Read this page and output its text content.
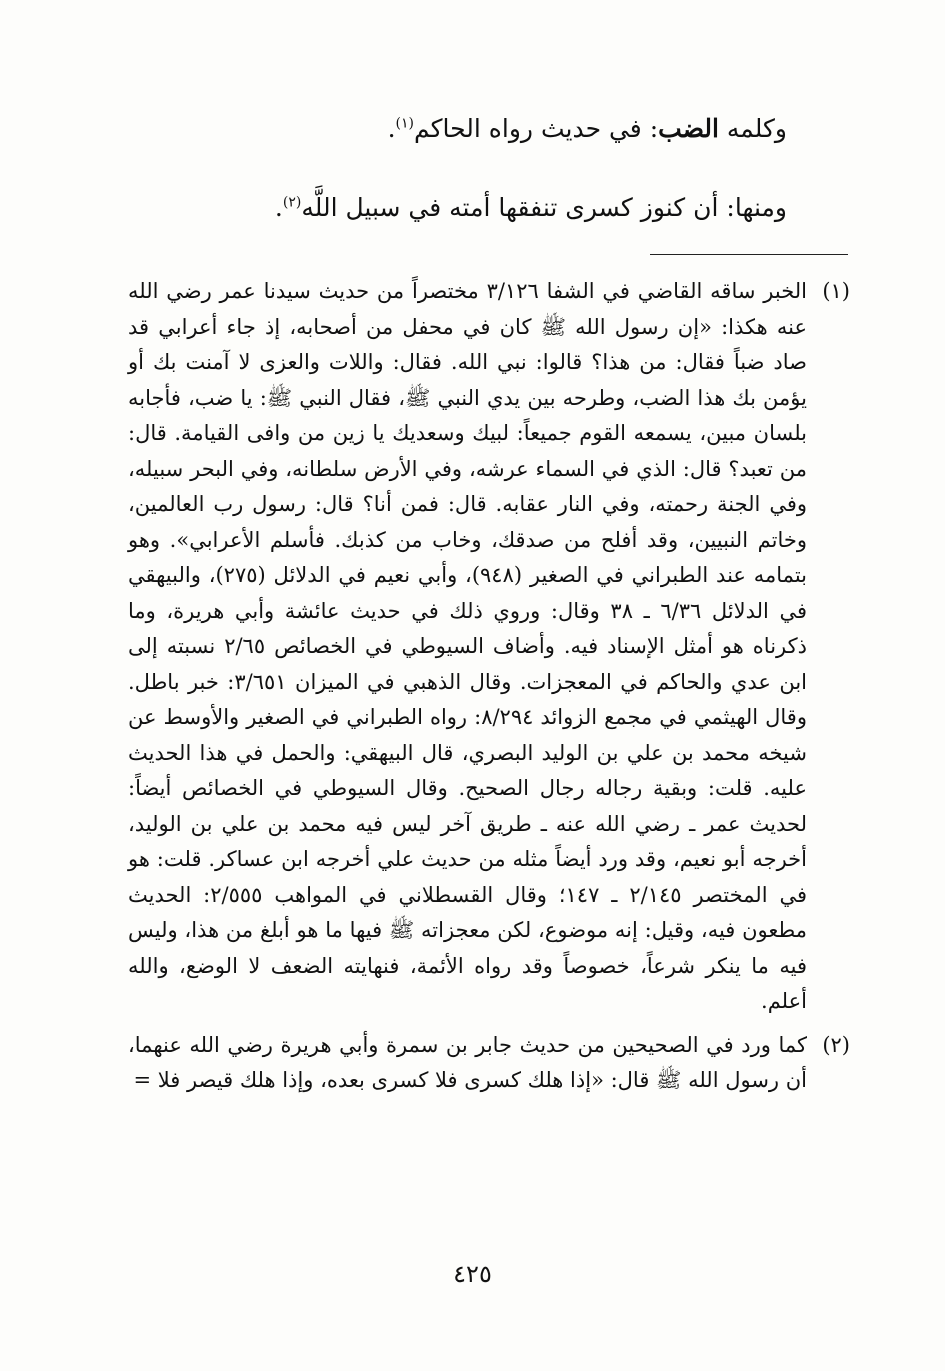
وكلمه الضب: في حديث رواه الحاكم$^{(١)}$.

ومنها: أن كنوز كسرى تنفقها أمته في سبيل اللَّه$^{(٢)}$.

(١)

الخبر ساقه القاضي في الشفا ٣/١٢٦ مختصراً من حديث سيدنا عمر رضي الله عنه هكذا: «إن رسول الله ﷺ كان في محفل من أصحابه، إذ جاء أعرابي قد صاد ضباً فقال: من هذا؟ قالوا: نبي الله. فقال: واللات والعزى لا آمنت بك أو يؤمن بك هذا الضب، وطرحه بين يدي النبي ﷺ، فقال النبي ﷺ: يا ضب، فأجابه بلسان مبين، يسمعه القوم جميعاً: لبيك وسعديك يا زين من وافى القيامة. قال: من تعبد؟ قال: الذي في السماء عرشه، وفي الأرض سلطانه، وفي البحر سبيله، وفي الجنة رحمته، وفي النار عقابه. قال: فمن أنا؟ قال: رسول رب العالمين، وخاتم النبيين، وقد أفلح من صدقك، وخاب من كذبك. فأسلم الأعرابي». وهو بتمامه عند الطبراني في الصغير (٩٤٨)، وأبي نعيم في الدلائل (٢٧٥)، والبيهقي في الدلائل ٦/٣٦ ـ ٣٨ وقال: وروي ذلك في حديث عائشة وأبي هريرة، وما ذكرناه هو أمثل الإسناد فيه. وأضاف السيوطي في الخصائص ٢/٦٥ نسبته إلى ابن عدي والحاكم في المعجزات. وقال الذهبي في الميزان ٣/٦٥١: خبر باطل. وقال الهيثمي في مجمع الزوائد ٨/٢٩٤: رواه الطبراني في الصغير والأوسط عن شيخه محمد بن علي بن الوليد البصري، قال البيهقي: والحمل في هذا الحديث عليه. قلت: وبقية رجاله رجال الصحيح. وقال السيوطي في الخصائص أيضاً: لحديث عمر ـ رضي الله عنه ـ طريق آخر ليس فيه محمد بن علي بن الوليد، أخرجه أبو نعيم، وقد ورد أيضاً مثله من حديث علي أخرجه ابن عساكر. قلت: هو في المختصر ٢/١٤٥ ـ ١٤٧؛ وقال القسطلاني في المواهب ٢/٥٥٥: الحديث مطعون فيه، وقيل: إنه موضوع، لكن معجزاته ﷺ فيها ما هو أبلغ من هذا، وليس فيه ما ينكر شرعاً، خصوصاً وقد رواه الأئمة، فنهايته الضعف لا الوضع، والله أعلم.

(٢)

كما ورد في الصحيحين من حديث جابر بن سمرة وأبي هريرة رضي الله عنهما، أن رسول الله ﷺ قال: «إذا هلك كسرى فلا كسرى بعده، وإذا هلك قيصر فلا =

٤٢٥
